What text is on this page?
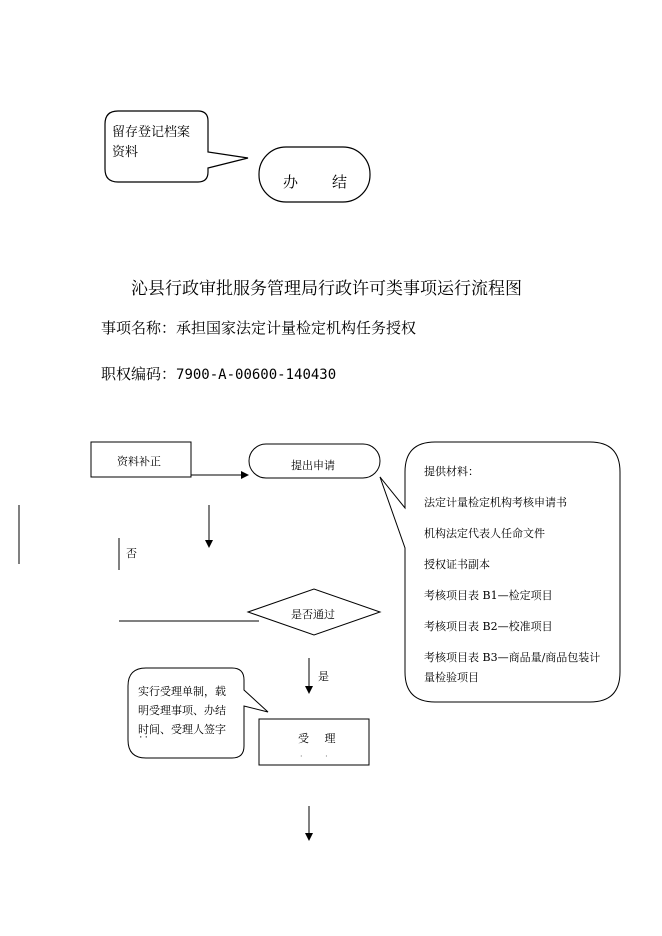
留存登记档案
资料
办 结
沁县行政审批服务管理局行政许可类事项运行流程图
事项名称：承担国家法定计量检定机构任务授权
职权编码：7900-A-00600-140430
资料补正	提出申请
否
是否通过
是
实行受理单制，载
明受理事项、办结
时间、受理人签字
˙˙	受 理
· ·
提供材料：
法定计量检定机构考核申请书
机构法定代表人任命文件
授权证书副本
考核项目表 B1—检定项目
考核项目表 B2—校准项目
考核项目表 B3—商品量/商品包装计
量检验项目
